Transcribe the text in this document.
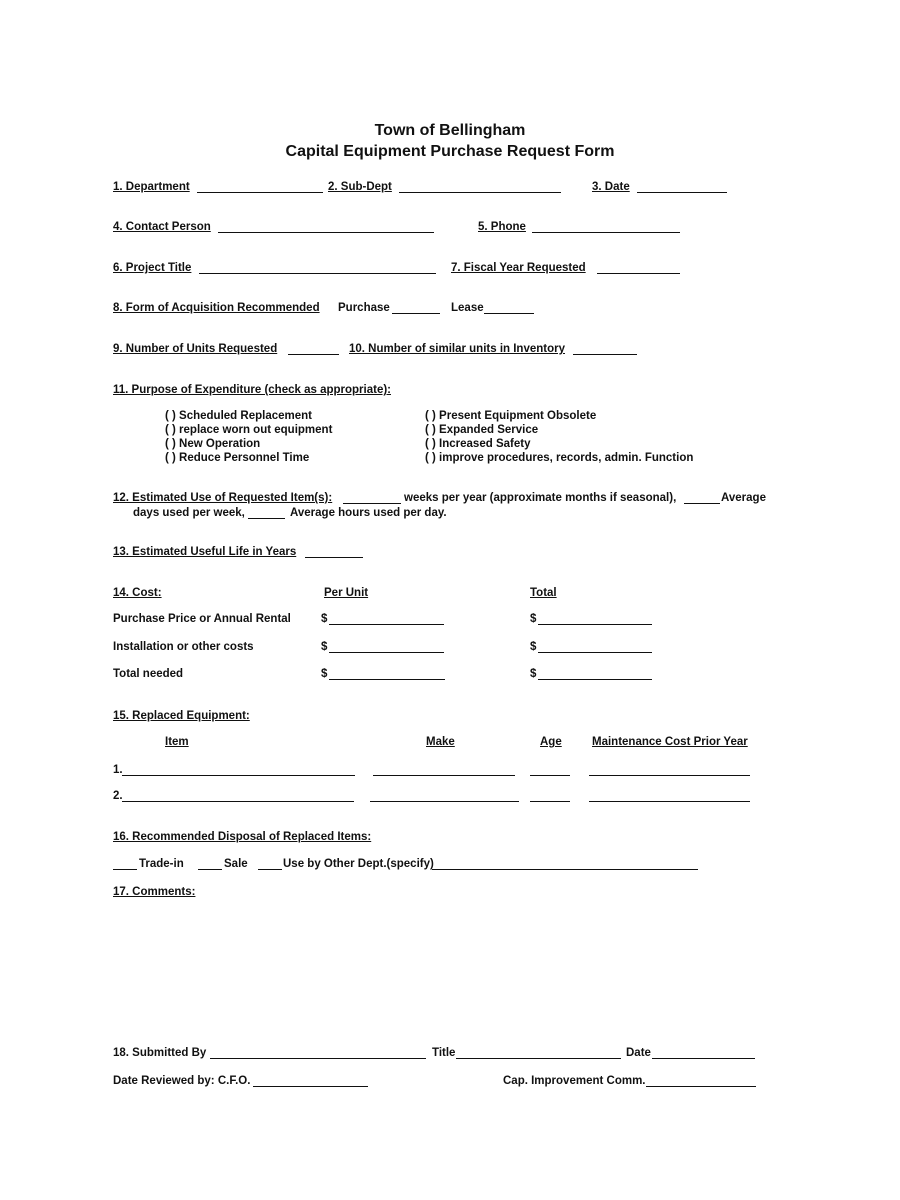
Town of Bellingham
Capital Equipment Purchase Request Form
1. Department	2. Sub-Dept	3. Date
4. Contact Person	5. Phone
6. Project Title	7. Fiscal Year Requested
8. Form of Acquisition Recommended Purchase	Lease
9. Number of Units Requested	10. Number of similar units in Inventory
11. Purpose of Expenditure (check as appropriate):
( ) Scheduled Replacement
( ) replace worn out equipment
( ) New Operation
( ) Reduce Personnel Time
( ) Present Equipment Obsolete
( ) Expanded Service
( ) Increased Safety
( ) improve procedures, records, admin. Function
12. Estimated Use of Requested Item(s):	weeks per year (approximate months if seasonal),	Average
days used per week,	Average hours used per day.
13. Estimated Useful Life in Years
14. Cost:	Per Unit	Total
Purchase Price or Annual Rental	$	$
Installation or other costs	$	$
Total needed	$	$
15. Replaced Equipment:
Item	Make	Age	Maintenance Cost Prior Year
1.
2.
16. Recommended Disposal of Replaced Items:
Trade-in	Sale	Use by Other Dept.(specify)
17. Comments:
18. Submitted By	Title	Date
Date Reviewed by: C.F.O.	Cap. Improvement Comm.
